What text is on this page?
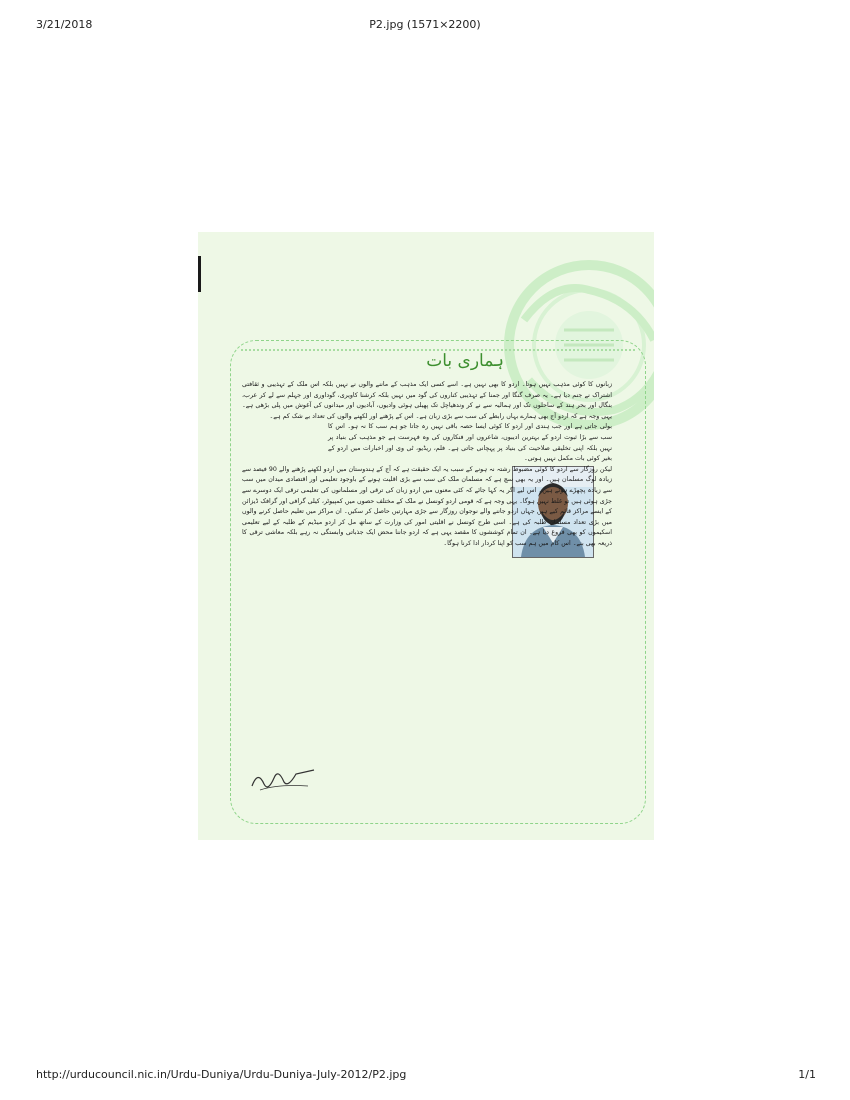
3/21/2018	P2.jpg (1571×2200)
ہماری بات

زبانوں کا کوئی مذہب نہیں ہوتا۔ اردو کا بھی نہیں ہے۔ اسے کسی ایک مذہب کے ماننے والوں نے نہیں بلکہ اس ملک کے تہذیبی و ثقافتی اشتراک نے جنم دیا ہے۔ یہ صرف گنگا اور جمنا کے تہذیبی کناروں کی گود میں نہیں بلکہ کرشنا کاویری، گوداوری اور جہلم سے لے کر عرب، بنگال اور بحر ہند کے ساحلوں تک اور ہمالیہ سے نے کر وندھیاچل تک پھیلی ہوئی وادیوں، آبادیوں اور میدانوں کی آغوش میں پلی بڑھی ہے۔ یہی وجہ ہے کہ اردو آج بھی ہمارے بہاں رابطے کی سب سے بڑی زبان ہے۔ اس کے پڑھنے اور لکھنے والوں کی تعداد بے شک کم ہے۔

بولی جاتی ہے اور جب ہندی اور اردو کا کوئی ایسا حصہ باقی نہیں رہ جاتا جو ہم سب کا نہ ہو۔ اس کا سب سے بڑا ثبوت اردو کے بہترین ادیبوں، شاعروں اور فنکاروں کی وہ فہرست ہے جو مذہب کی بنیاد پر نہیں بلکہ اپنی تخلیقی صلاحیت کی بنیاد پر پہچانی جاتی ہے۔ فلم، ریڈیو، ٹی وی اور اخبارات میں اردو کے بغیر کوئی بات مکمل نہیں ہوتی۔

لیکن روزگار سے اردو کا کوئی مضبوط رشتہ نہ ہونے کے سبب یہ ایک حقیقت ہے کہ آج کے ہندوستان میں اردو لکھنے پڑھنے والے 90 فیصد سے زیادہ لوگ مسلمان ہیں۔ اور یہ بھی سچ ہے کہ مسلمان ملک کی سب سے بڑی اقلیت ہونے کے باوجود تعلیمی اور اقتصادی میدان میں سب سے زیادہ پچھڑے ہوئے ہیں۔ اس لیے اگر یہ کہا جائے کہ کئی معنوں میں اردو زبان کی ترقی اور مسلمانوں کی تعلیمی ترقی ایک دوسرے سے جڑی ہوئی ہیں تو غلط نہیں ہوگا۔ یہی وجہ ہے کہ قومی اردو کونسل نے ملک کے مختلف حصوں میں کمپیوٹر، کیلی گرافی اور گرافک ڈیزائن کے ایسے مراکز قائم کیے ہیں جہاں اردو جاننے والے نوجوان روزگار سے جڑی مہارتیں حاصل کر سکیں۔ ان مراکز میں تعلیم حاصل کرنے والوں میں بڑی تعداد مسلمان طلبہ کی ہے۔ اسی طرح کونسل نے اقلیتی امور کی وزارت کے ساتھ مل کر اردو میڈیم کے طلبہ کے لیے تعلیمی اسکیموں کو بھی فروغ دیا ہے۔ ان تمام کوششوں کا مقصد یہی ہے کہ اردو جاننا محض ایک جذباتی وابستگی نہ رہے بلکہ معاشی ترقی کا ذریعہ بھی بنے۔ اس کام میں ہم سب کو اپنا کردار ادا کرنا ہوگا۔

http://urducouncil.nic.in/Urdu-Duniya/Urdu-Duniya-July-2012/P2.jpg	1/1
